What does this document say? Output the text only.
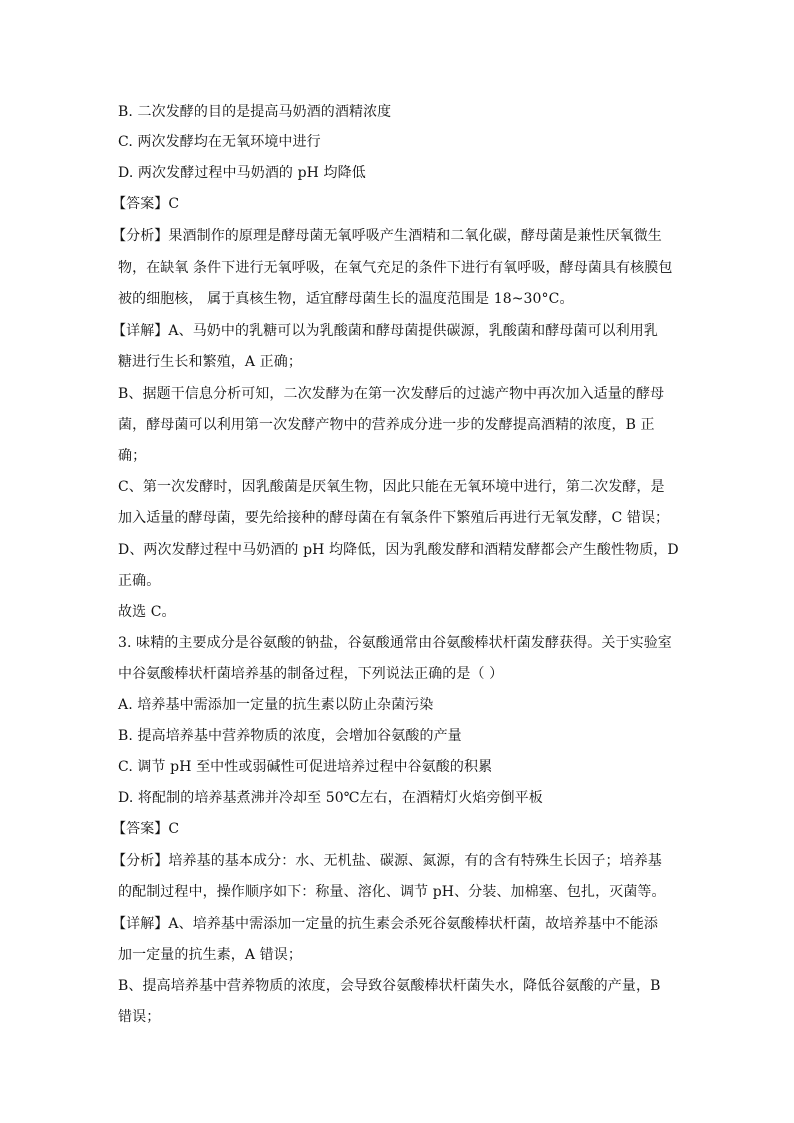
B. 二次发酵的目的是提高马奶酒的酒精浓度
C. 两次发酵均在无氧环境中进行
D. 两次发酵过程中马奶酒的 pH 均降低
【答案】C
【分析】果酒制作的原理是酵母菌无氧呼吸产生酒精和二氧化碳，酵母菌是兼性厌氧微生
物，在缺氧 条件下进行无氧呼吸，在氧气充足的条件下进行有氧呼吸，酵母菌具有核膜包
被的细胞核， 属于真核生物，适宜酵母菌生长的温度范围是 18~30°C。
【详解】A、马奶中的乳糖可以为乳酸菌和酵母菌提供碳源，乳酸菌和酵母菌可以利用乳
糖进行生长和繁殖，A 正确；
B、据题干信息分析可知，二次发酵为在第一次发酵后的过滤产物中再次加入适量的酵母
菌，酵母菌可以利用第一次发酵产物中的营养成分进一步的发酵提高酒精的浓度，B 正
确；
C、第一次发酵时，因乳酸菌是厌氧生物，因此只能在无氧环境中进行，第二次发酵，是
加入适量的酵母菌，要先给接种的酵母菌在有氧条件下繁殖后再进行无氧发酵，C 错误；
D、两次发酵过程中马奶酒的 pH 均降低，因为乳酸发酵和酒精发酵都会产生酸性物质，D
正确。
故选 C。
3. 味精的主要成分是谷氨酸的钠盐，谷氨酸通常由谷氨酸棒状杆菌发酵获得。关于实验室
中谷氨酸棒状杆菌培养基的制备过程，下列说法正确的是（ ）
A. 培养基中需添加一定量的抗生素以防止杂菌污染
B. 提高培养基中营养物质的浓度，会增加谷氨酸的产量
C. 调节 pH 至中性或弱碱性可促进培养过程中谷氨酸的积累
D. 将配制的培养基煮沸并冷却至 50℃左右，在酒精灯火焰旁倒平板
【答案】C
【分析】培养基的基本成分：水、无机盐、碳源、氮源，有的含有特殊生长因子；培养基
的配制过程中，操作顺序如下：称量、溶化、调节 pH、分装、加棉塞、包扎，灭菌等。
【详解】A、培养基中需添加一定量的抗生素会杀死谷氨酸棒状杆菌，故培养基中不能添
加一定量的抗生素，A 错误；
B、提高培养基中营养物质的浓度，会导致谷氨酸棒状杆菌失水，降低谷氨酸的产量，B
错误；
